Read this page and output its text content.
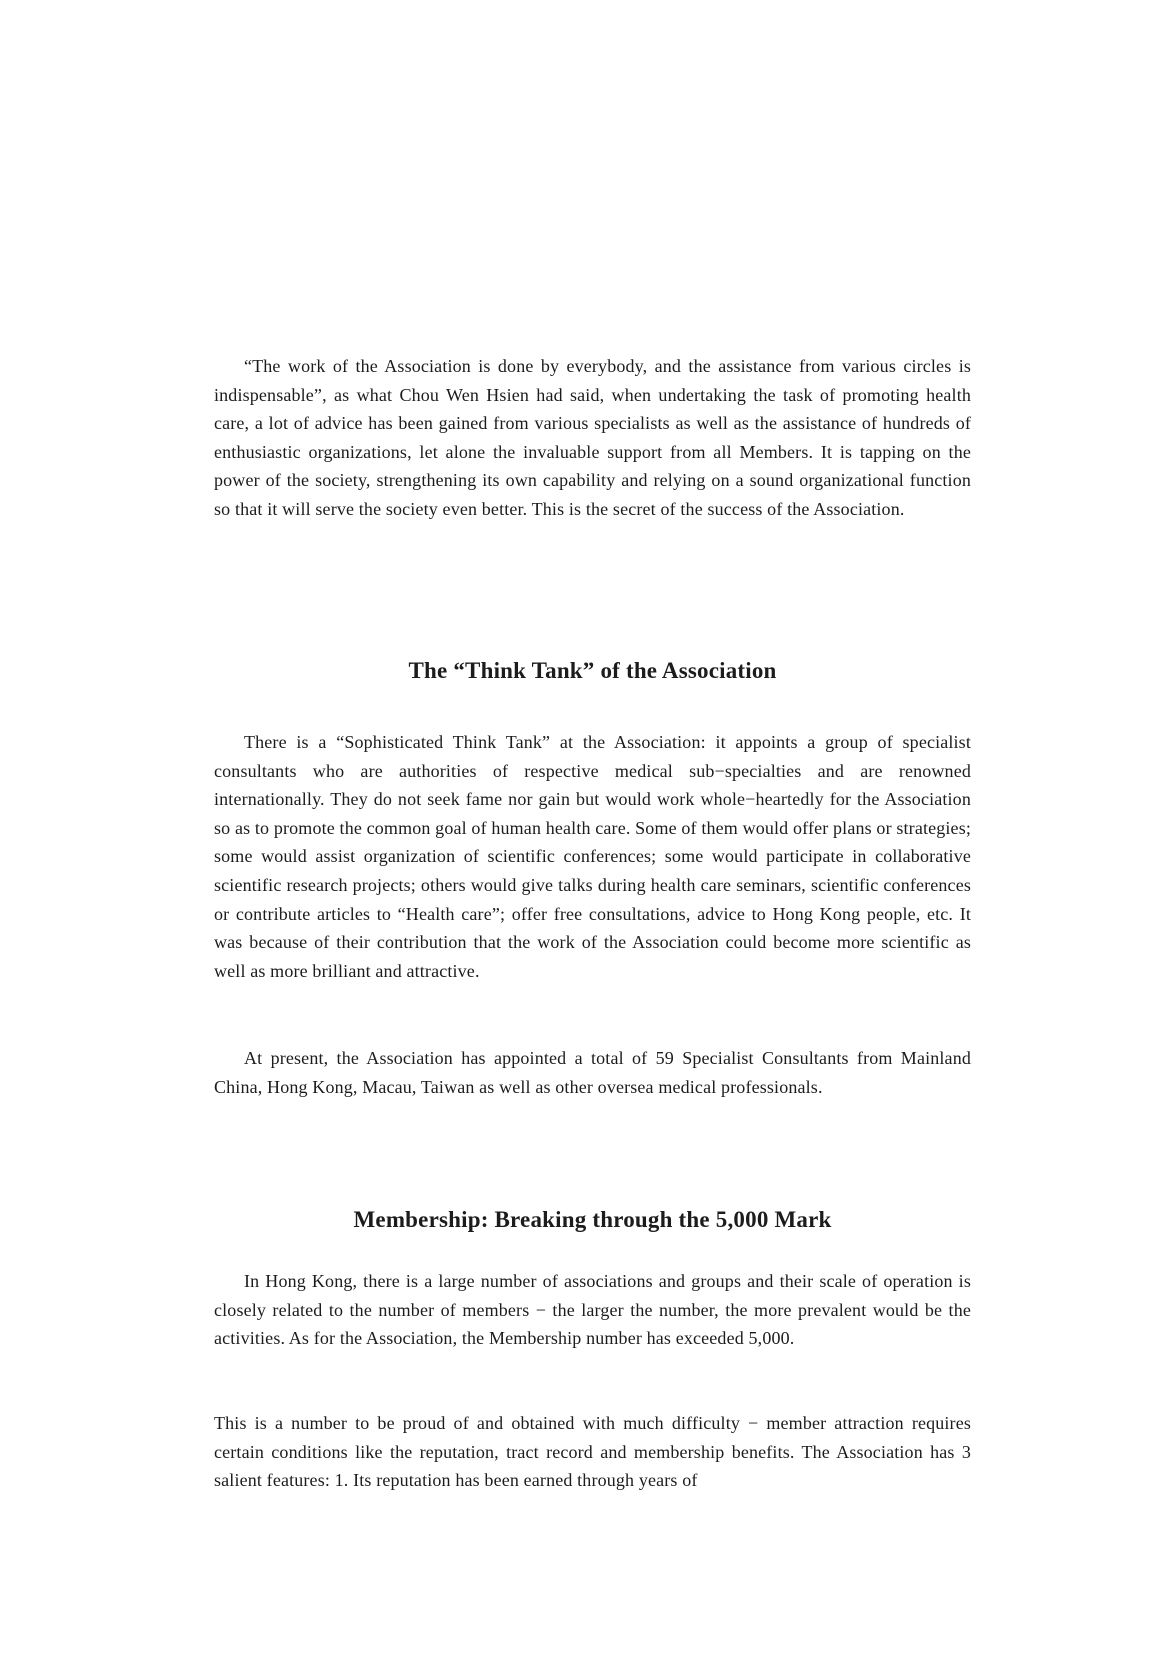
“The work of the Association is done by everybody, and the assistance from various circles is indispensable”, as what Chou Wen Hsien had said, when undertaking the task of promoting health care, a lot of advice has been gained from various specialists as well as the assistance of hundreds of enthusiastic organizations, let alone the invaluable support from all Members. It is tapping on the power of the society, strengthening its own capability and relying on a sound organizational function so that it will serve the society even better. This is the secret of the success of the Association.

The “Think Tank” of the Association

There is a “Sophisticated Think Tank” at the Association: it appoints a group of specialist consultants who are authorities of respective medical sub−specialties and are renowned internationally. They do not seek fame nor gain but would work whole−heartedly for the Association so as to promote the common goal of human health care. Some of them would offer plans or strategies; some would assist organization of scientific conferences; some would participate in collaborative scientific research projects; others would give talks during health care seminars, scientific conferences or contribute articles to “Health care”; offer free consultations, advice to Hong Kong people, etc. It was because of their contribution that the work of the Association could become more scientific as well as more brilliant and attractive.

At present, the Association has appointed a total of 59 Specialist Consultants from Mainland China, Hong Kong, Macau, Taiwan as well as other oversea medical professionals.

Membership: Breaking through the 5,000 Mark

In Hong Kong, there is a large number of associations and groups and their scale of operation is closely related to the number of members − the larger the number, the more prevalent would be the activities. As for the Association, the Membership number has exceeded 5,000.

This is a number to be proud of and obtained with much difficulty − member attraction requires certain conditions like the reputation, tract record and membership benefits. The Association has 3 salient features: 1. Its reputation has been earned through years of
